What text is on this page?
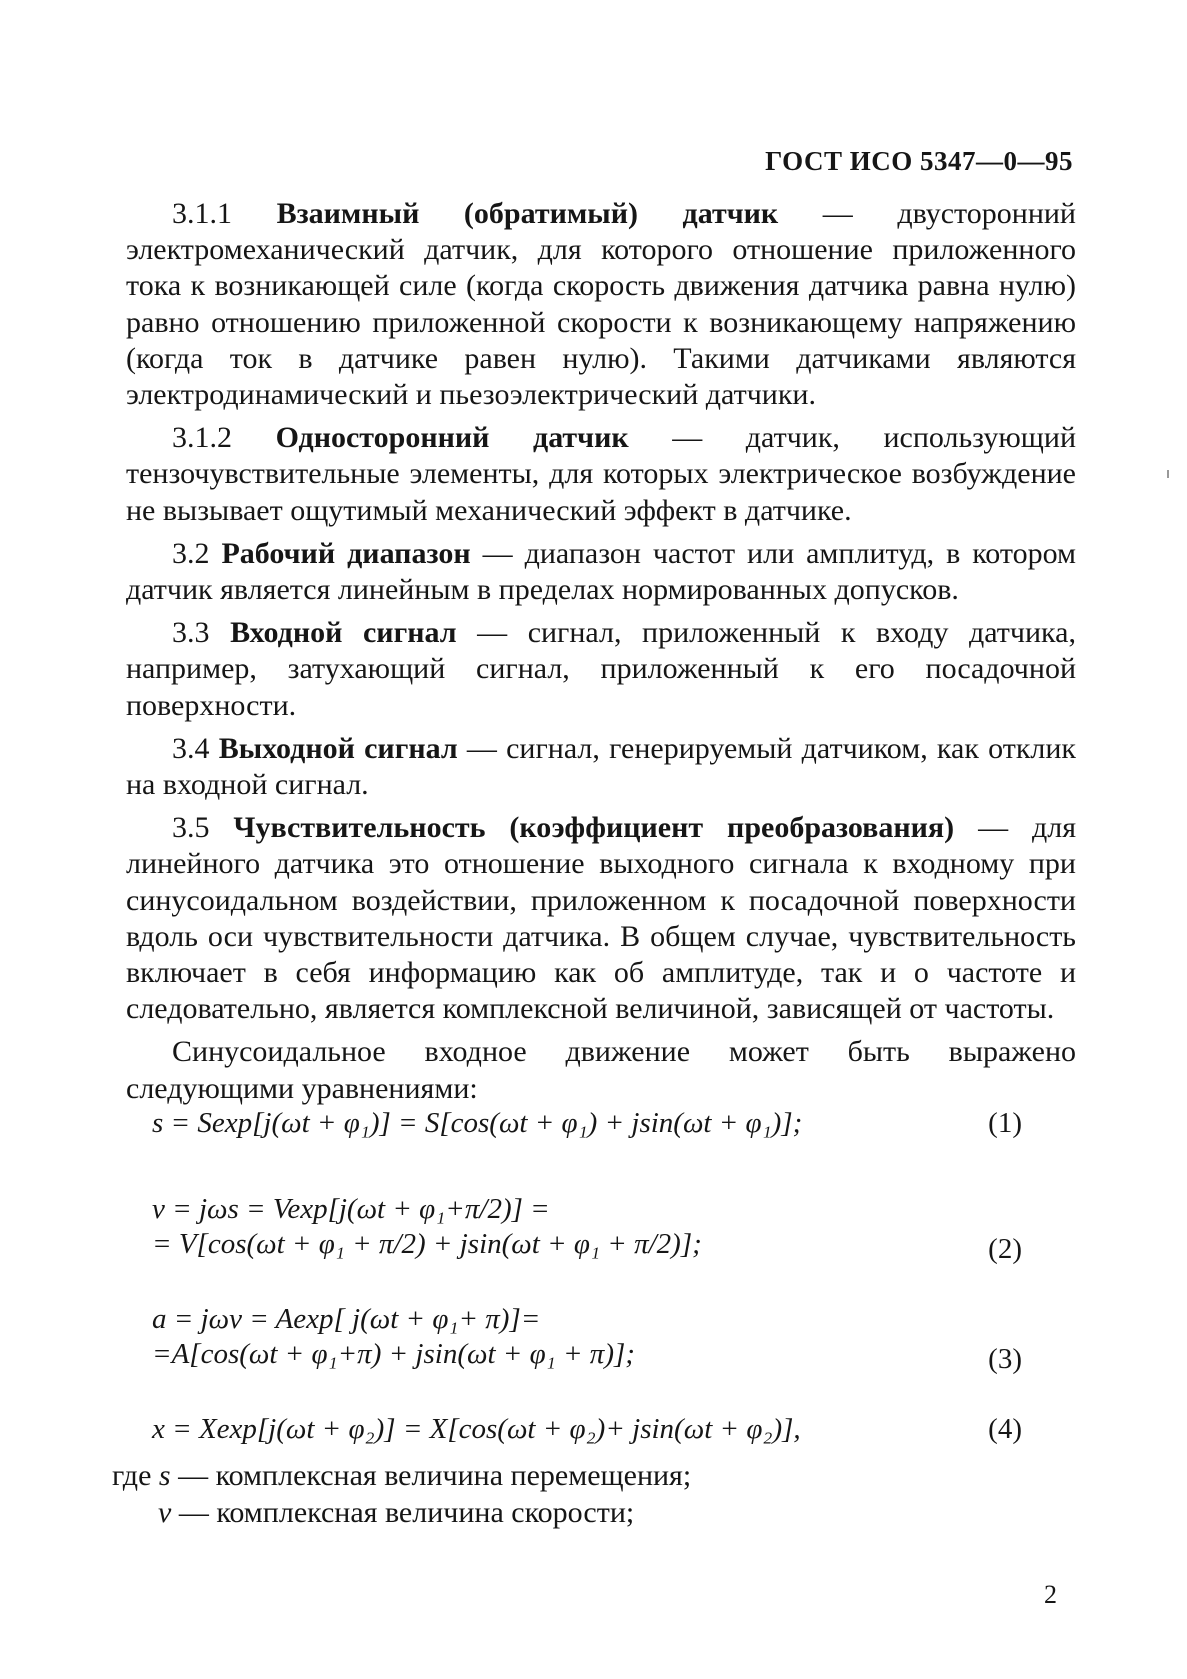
ГОСТ ИСО 5347—0—95

3.1.1 Взаимный (обратимый) датчик — двусторонний электромеханический датчик, для которого отношение приложенного тока к возникающей силе (когда скорость движения датчика равна нулю) равно отношению приложенной скорости к возникающему напряжению (когда ток в датчике равен нулю). Такими датчиками являются электродинамический и пьезоэлектрический датчики.

3.1.2 Односторонний датчик — датчик, использующий тензочувствительные элементы, для которых электрическое возбуждение не вызывает ощутимый механический эффект в датчике.

3.2 Рабочий диапазон — диапазон частот или амплитуд, в котором датчик является линейным в пределах нормированных допусков.

3.3 Входной сигнал — сигнал, приложенный к входу датчика, например, затухающий сигнал, приложенный к его посадочной поверхности.

3.4 Выходной сигнал — сигнал, генерируемый датчиком, как отклик на входной сигнал.

3.5 Чувствительность (коэффициент преобразования) — для линейного датчика это отношение выходного сигнала к входному при синусоидальном воздействии, приложенном к посадочной поверхности вдоль оси чувствительности датчика. В общем случае, чувствительность включает в себя информацию как об амплитуде, так и о частоте и следовательно, является комплексной величиной, зависящей от частоты.

Синусоидальное входное движение может быть выражено следующими уравнениями:

s = Sexp[j(ωt + φ₁)] = S[cos(ωt + φ₁) + jsin(ωt + φ₁)];	(1)
v = jωs = Vexp[j(ωt + φ₁+π/2)] =
= V[cos(ωt + φ₁ + π/2) + jsin(ωt + φ₁ + π/2)];	(2)
a = jωv = Aexp[ j(ωt + φ₁+ π)]=
=A[cos(ωt + φ₁+π) + jsin(ωt + φ₁ + π)];	(3)
x = Xexp[j(ωt + φ₂)] = X[cos(ωt + φ₂)+ jsin(ωt + φ₂)],	(4)
где s — комплексная величина перемещения;
v — комплексная величина скорости;
2
